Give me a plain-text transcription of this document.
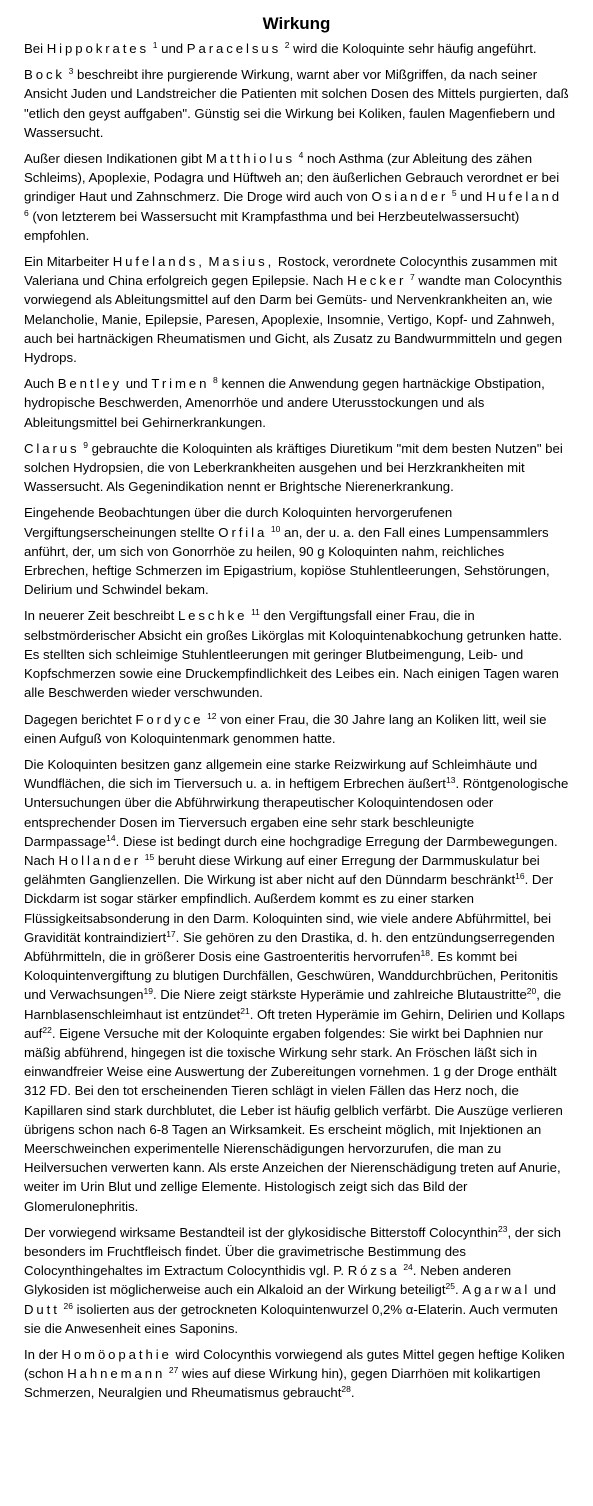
Wirkung

Bei Hippokrates $^1$ und Paracelsus $^2$ wird die Koloquinte sehr häufig angeführt.

Bock $^3$ beschreibt ihre purgierende Wirkung, warnt aber vor Mißgriffen, da nach seiner Ansicht Juden und Landstreicher die Patienten mit solchen Dosen des Mittels purgierten, daß "etlich den geyst auffgaben". Günstig sei die Wirkung bei Koliken, faulen Magenfiebern und Wassersucht.

Außer diesen Indikationen gibt Matthiolus $^4$ noch Asthma (zur Ableitung des zähen Schleims), Apoplexie, Podagra und Hüftweh an; den äußerlichen Gebrauch verordnet er bei grindiger Haut und Zahnschmerz. Die Droge wird auch von Osiander $^5$ und Hufeland $^6$ (von letzterem bei Wassersucht mit Krampfasthma und bei Herzbeutelwassersucht) empfohlen.

Ein Mitarbeiter Hufelands, Masius, Rostock, verordnete Colocynthis zusammen mit Valeriana und China erfolgreich gegen Epilepsie. Nach Hecker $^7$ wandte man Colocynthis vorwiegend als Ableitungsmittel auf den Darm bei Gemüts- und Nervenkrankheiten an, wie Melancholie, Manie, Epilepsie, Paresen, Apoplexie, Insomnie, Vertigo, Kopf- und Zahnweh, auch bei hartnäckigen Rheumatismen und Gicht, als Zusatz zu Bandwurmmitteln und gegen Hydrops.

Auch Bentley und Trimen $^8$ kennen die Anwendung gegen hartnäckige Obstipation, hydropische Beschwerden, Amenorrhöe und andere Uterusstockungen und als Ableitungsmittel bei Gehirnerkrankungen.

Clarus $^9$ gebrauchte die Koloquinten als kräftiges Diuretikum "mit dem besten Nutzen" bei solchen Hydropsien, die von Leberkrankheiten ausgehen und bei Herzkrankheiten mit Wassersucht. Als Gegenindikation nennt er Brightsche Nierenerkrankung.

Eingehende Beobachtungen über die durch Koloquinten hervorgerufenen Vergiftungserscheinungen stellte Orfila $^{10}$ an, der u. a. den Fall eines Lumpensammlers anführt, der, um sich von Gonorrhöe zu heilen, 90 g Koloquinten nahm, reichliches Erbrechen, heftige Schmerzen im Epigastrium, kopiöse Stuhlentleerungen, Sehstörungen, Delirium und Schwindel bekam.

In neuerer Zeit beschreibt Leschke $^{11}$ den Vergiftungsfall einer Frau, die in selbstmörderischer Absicht ein großes Likörglas mit Koloquintenabkochung getrunken hatte. Es stellten sich schleimige Stuhlentleerungen mit geringer Blutbeimengung, Leib- und Kopfschmerzen sowie eine Druckempfindlichkeit des Leibes ein. Nach einigen Tagen waren alle Beschwerden wieder verschwunden.

Dagegen berichtet Fordyce $^{12}$ von einer Frau, die 30 Jahre lang an Koliken litt, weil sie einen Aufguß von Koloquintenmark genommen hatte.

Die Koloquinten besitzen ganz allgemein eine starke Reizwirkung auf Schleimhäute und Wundflächen, die sich im Tierversuch u. a. in heftigem Erbrechen äußert$^{13}$. Röntgenologische Untersuchungen über die Abführwirkung therapeutischer Koloquintendosen oder entsprechender Dosen im Tierversuch ergaben eine sehr stark beschleunigte Darmpassage$^{14}$. Diese ist bedingt durch eine hochgradige Erregung der Darmbewegungen. Nach Hollander $^{15}$ beruht diese Wirkung auf einer Erregung der Darmmuskulatur bei gelähmten Ganglienzellen. Die Wirkung ist aber nicht auf den Dünndarm beschränkt$^{16}$. Der Dickdarm ist sogar stärker empfindlich. Außerdem kommt es zu einer starken Flüssigkeitsabsonderung in den Darm. Koloquinten sind, wie viele andere Abführmittel, bei Gravidität kontraindiziert$^{17}$. Sie gehören zu den Drastika, d. h. den entzündungserregenden Abführmitteln, die in größerer Dosis eine Gastroenteritis hervorrufen$^{18}$. Es kommt bei Koloquintenvergiftung zu blutigen Durchfällen, Geschwüren, Wanddurchbrüchen, Peritonitis und Verwachsungen$^{19}$. Die Niere zeigt stärkste Hyperämie und zahlreiche Blutaustritte$^{20}$, die Harnblasenschleimhaut ist entzündet$^{21}$. Oft treten Hyperämie im Gehirn, Delirien und Kollaps auf$^{22}$. Eigene Versuche mit der Koloquinte ergaben folgendes: Sie wirkt bei Daphnien nur mäßig abführend, hingegen ist die toxische Wirkung sehr stark. An Fröschen läßt sich in einwandfreier Weise eine Auswertung der Zubereitungen vornehmen. 1 g der Droge enthält 312 FD. Bei den tot erscheinenden Tieren schlägt in vielen Fällen das Herz noch, die Kapillaren sind stark durchblutet, die Leber ist häufig gelblich verfärbt. Die Auszüge verlieren übrigens schon nach 6-8 Tagen an Wirksamkeit. Es erscheint möglich, mit Injektionen an Meerschweinchen experimentelle Nierenschädigungen hervorzurufen, die man zu Heilversuchen verwerten kann. Als erste Anzeichen der Nierenschädigung treten auf Anurie, weiter im Urin Blut und zellige Elemente. Histologisch zeigt sich das Bild der Glomerulonephritis.

Der vorwiegend wirksame Bestandteil ist der glykosidische Bitterstoff Colocynthin$^{23}$, der sich besonders im Fruchtfleisch findet. Über die gravimetrische Bestimmung des Colocynthingehaltes im Extractum Colocynthidis vgl. P. Rózsa $^{24}$. Neben anderen Glykosiden ist möglicherweise auch ein Alkaloid an der Wirkung beteiligt$^{25}$. Agarwal und Dutt $^{26}$ isolierten aus der getrockneten Koloquintenwurzel 0,2% α-Elaterin. Auch vermuten sie die Anwesenheit eines Saponins.

In der Homöopathie wird Colocynthis vorwiegend als gutes Mittel gegen heftige Koliken (schon Hahnemann $^{27}$ wies auf diese Wirkung hin), gegen Diarrhöen mit kolikartigen Schmerzen, Neuralgien und Rheumatismus gebraucht$^{28}$.
